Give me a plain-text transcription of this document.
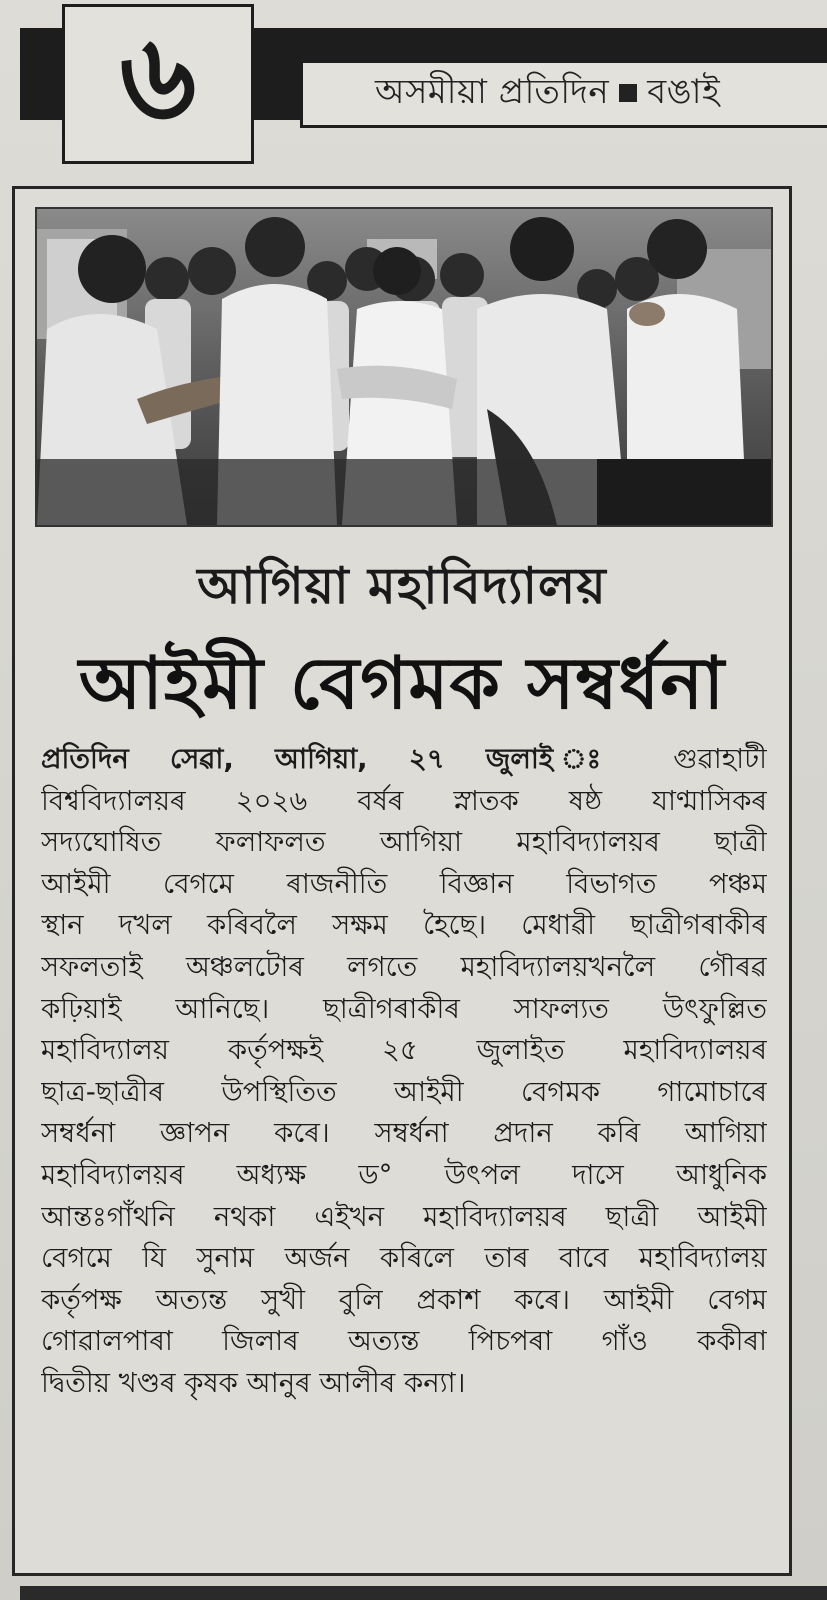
৬	অসমীয়া প্ৰতিদিন বঙাই
আগিয়া মহাবিদ্যালয়
আইমী বেগমক সম্বৰ্ধনা
প্ৰতিদিন সেৱা, আগিয়া, ২৭ জুলাই ঃ গুৱাহাটী
বিশ্ববিদ্যালয়ৰ ২০২৬ বৰ্ষৰ স্নাতক ষষ্ঠ যাণ্মাসিকৰ
সদ্যঘোষিত ফলাফলত আগিয়া মহাবিদ্যালয়ৰ ছাত্ৰী
আইমী বেগমে ৰাজনীতি বিজ্ঞান বিভাগত পঞ্চম
স্থান দখল কৰিবলৈ সক্ষম হৈছে। মেধাৱী ছাত্ৰীগৰাকীৰ
সফলতাই অঞ্চলটোৰ লগতে মহাবিদ্যালয়খনলৈ গৌৰৱ
কঢ়িয়াই আনিছে। ছাত্ৰীগৰাকীৰ সাফল্যত উৎফুল্লিত
মহাবিদ্যালয় কৰ্তৃপক্ষই ২৫ জুলাইত মহাবিদ্যালয়ৰ
ছাত্ৰ-ছাত্ৰীৰ উপস্থিতিত আইমী বেগমক গামোচাৰে
সম্বৰ্ধনা জ্ঞাপন কৰে। সম্বৰ্ধনা প্ৰদান কৰি আগিয়া
মহাবিদ্যালয়ৰ অধ্যক্ষ ড° উৎপল দাসে আধুনিক
আন্তঃগাঁথনি নথকা এইখন মহাবিদ্যালয়ৰ ছাত্ৰী আইমী
বেগমে যি সুনাম অৰ্জন কৰিলে তাৰ বাবে মহাবিদ্যালয়
কৰ্তৃপক্ষ অত্যন্ত সুখী বুলি প্ৰকাশ কৰে। আইমী বেগম
গোৱালপাৰা জিলাৰ অত্যন্ত পিচপৰা গাঁও ককীৰা
দ্বিতীয় খণ্ডৰ কৃষক আনুৰ আলীৰ কন্যা।
